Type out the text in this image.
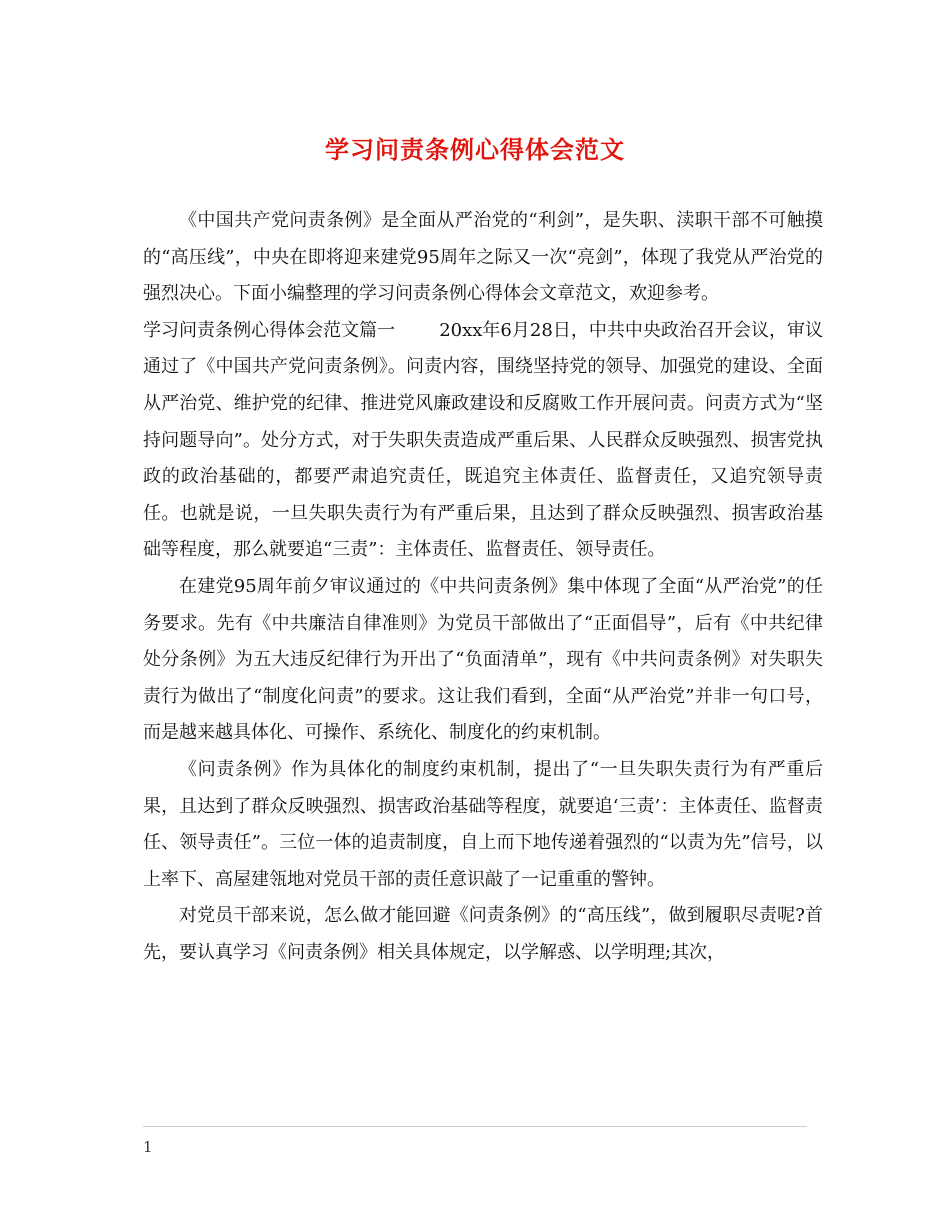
学习问责条例心得体会范文

《中国共产党问责条例》是全面从严治党的“利剑”，是失职、渎职干部不可触摸的“高压线”，中央在即将迎来建党95周年之际又一次“亮剑”，体现了我党从严治党的强烈决心。下面小编整理的学习问责条例心得体会文章范文，欢迎参考。

学习问责条例心得体会范文篇一 20xx年6月28日，中共中央政治召开会议，审议通过了《中国共产党问责条例》。问责内容，围绕坚持党的领导、加强党的建设、全面从严治党、维护党的纪律、推进党风廉政建设和反腐败工作开展问责。问责方式为“坚持问题导向”。处分方式，对于失职失责造成严重后果、人民群众反映强烈、损害党执政的政治基础的，都要严肃追究责任，既追究主体责任、监督责任，又追究领导责任。也就是说，一旦失职失责行为有严重后果，且达到了群众反映强烈、损害政治基础等程度，那么就要追“三责”：主体责任、监督责任、领导责任。

在建党95周年前夕审议通过的《中共问责条例》集中体现了全面“从严治党”的任务要求。先有《中共廉洁自律准则》为党员干部做出了“正面倡导”，后有《中共纪律处分条例》为五大违反纪律行为开出了“负面清单”，现有《中共问责条例》对失职失责行为做出了“制度化问责”的要求。这让我们看到，全面“从严治党”并非一句口号，而是越来越具体化、可操作、系统化、制度化的约束机制。

《问责条例》作为具体化的制度约束机制，提出了“一旦失职失责行为有严重后果，且达到了群众反映强烈、损害政治基础等程度，就要追‘三责’：主体责任、监督责任、领导责任”。三位一体的追责制度，自上而下地传递着强烈的“以责为先”信号，以上率下、高屋建瓴地对党员干部的责任意识敲了一记重重的警钟。

对党员干部来说，怎么做才能回避《问责条例》的“高压线”，做到履职尽责呢?首先，要认真学习《问责条例》相关具体规定，以学解惑、以学明理;其次，

1
